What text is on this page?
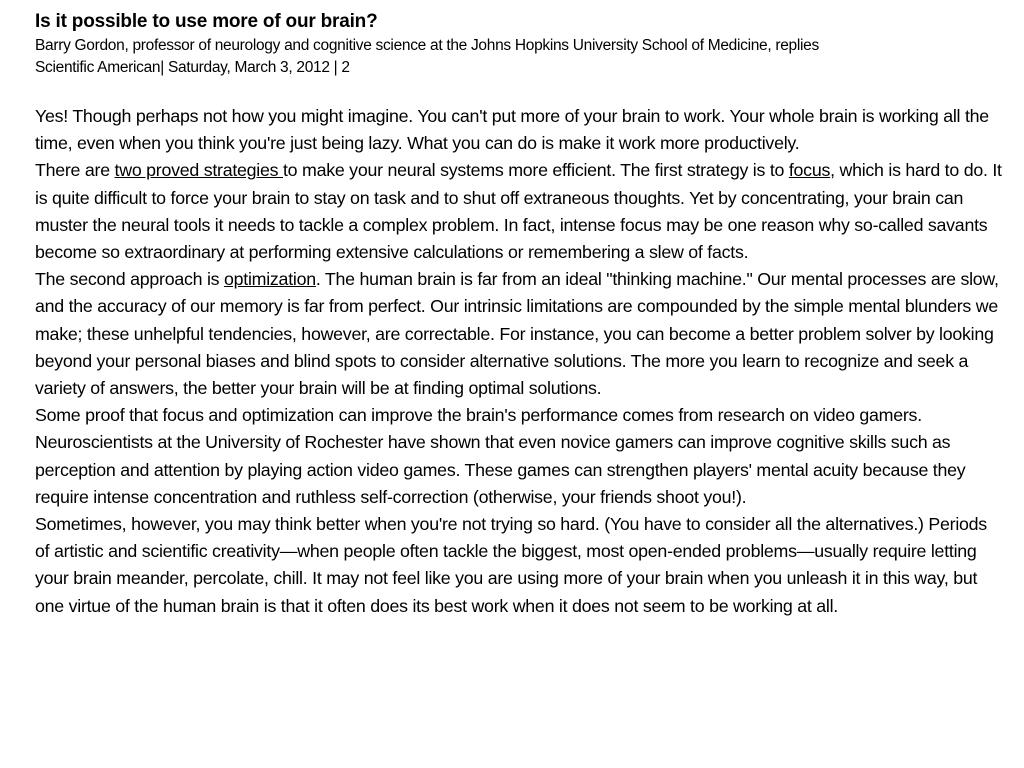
Is it possible to use more of our brain?

Barry Gordon, professor of neurology and cognitive science at the Johns Hopkins University School of Medicine, replies

Scientific American| Saturday, March 3, 2012 | 2

Yes! Though perhaps not how you might imagine. You can't put more of your brain to work. Your whole brain is working all the time, even when you think you're just being lazy. What you can do is make it work more productively.

There are two proved strategies to make your neural systems more efficient. The first strategy is to focus, which is hard to do. It is quite difficult to force your brain to stay on task and to shut off extraneous thoughts. Yet by concentrating, your brain can muster the neural tools it needs to tackle a complex problem. In fact, intense focus may be one reason why so-called savants become so extraordinary at performing extensive calculations or remembering a slew of facts.

The second approach is optimization. The human brain is far from an ideal "thinking machine." Our mental processes are slow, and the accuracy of our memory is far from perfect. Our intrinsic limitations are compounded by the simple mental blunders we make; these unhelpful tendencies, however, are correctable. For instance, you can become a better problem solver by looking beyond your personal biases and blind spots to consider alternative solutions. The more you learn to recognize and seek a variety of answers, the better your brain will be at finding optimal solutions.

Some proof that focus and optimization can improve the brain's performance comes from research on video gamers. Neuroscientists at the University of Rochester have shown that even novice gamers can improve cognitive skills such as perception and attention by playing action video games. These games can strengthen players' mental acuity because they require intense concentration and ruthless self-correction (otherwise, your friends shoot you!).

Sometimes, however, you may think better when you're not trying so hard. (You have to consider all the alternatives.) Periods of artistic and scientific creativity—when people often tackle the biggest, most open-ended problems—usually require letting your brain meander, percolate, chill. It may not feel like you are using more of your brain when you unleash it in this way, but one virtue of the human brain is that it often does its best work when it does not seem to be working at all.
